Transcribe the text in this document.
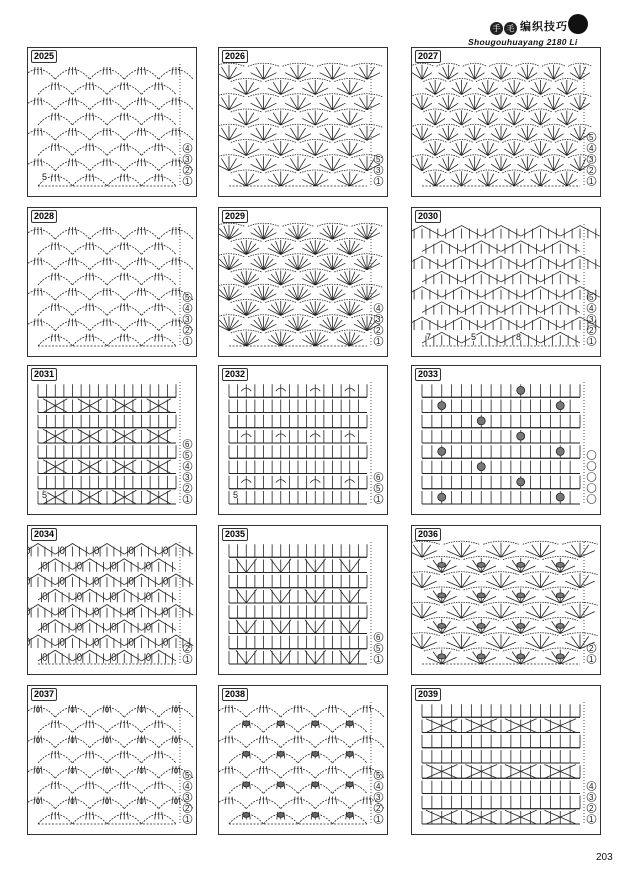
手 毛 编织技巧
Shougouhuayang 2180 Li
2025
4
3
2
1
5
2026
5
3
1
2027
5
4
3
2
1
2028
5
4
3
2
1
2029
4
3
2
1
2030
5
4
3
2
1
7	5	8
2031
6
5
4
3
2
1
5
2032
6
5
1
5
2033
2034
2
1
2035
6
5
1
2036
2
1
2037
5
4
3
2
1
2038
5
4
3
2
1
2039
4
3
2
1
203
